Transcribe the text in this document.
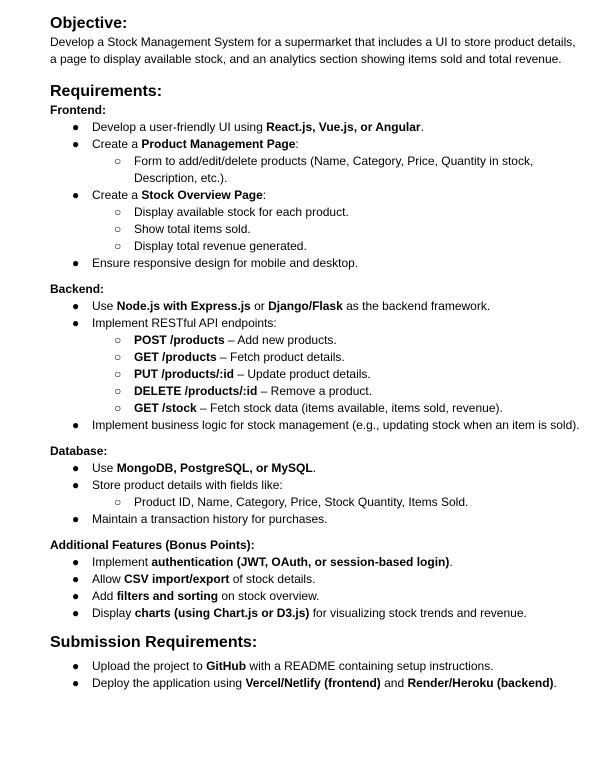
Objective:

Develop a Stock Management System for a supermarket that includes a UI to store product details, a page to display available stock, and an analytics section showing items sold and total revenue.

Requirements:
Frontend:
● Develop a user-friendly UI using React.js, Vue.js, or Angular.
● Create a Product Management Page:
○ Form to add/edit/delete products (Name, Category, Price, Quantity in stock, Description, etc.).
● Create a Stock Overview Page:
○ Display available stock for each product.
○ Show total items sold.
○ Display total revenue generated.
● Ensure responsive design for mobile and desktop.
Backend:
● Use Node.js with Express.js or Django/Flask as the backend framework.
● Implement RESTful API endpoints:
○ POST /products – Add new products.
○ GET /products – Fetch product details.
○ PUT /products/:id – Update product details.
○ DELETE /products/:id – Remove a product.
○ GET /stock – Fetch stock data (items available, items sold, revenue).
● Implement business logic for stock management (e.g., updating stock when an item is sold).
Database:
● Use MongoDB, PostgreSQL, or MySQL.
● Store product details with fields like:
○ Product ID, Name, Category, Price, Stock Quantity, Items Sold.
● Maintain a transaction history for purchases.
Additional Features (Bonus Points):
● Implement authentication (JWT, OAuth, or session-based login).
● Allow CSV import/export of stock details.
● Add filters and sorting on stock overview.
● Display charts (using Chart.js or D3.js) for visualizing stock trends and revenue.
Submission Requirements:
● Upload the project to GitHub with a README containing setup instructions.
● Deploy the application using Vercel/Netlify (frontend) and Render/Heroku (backend).
